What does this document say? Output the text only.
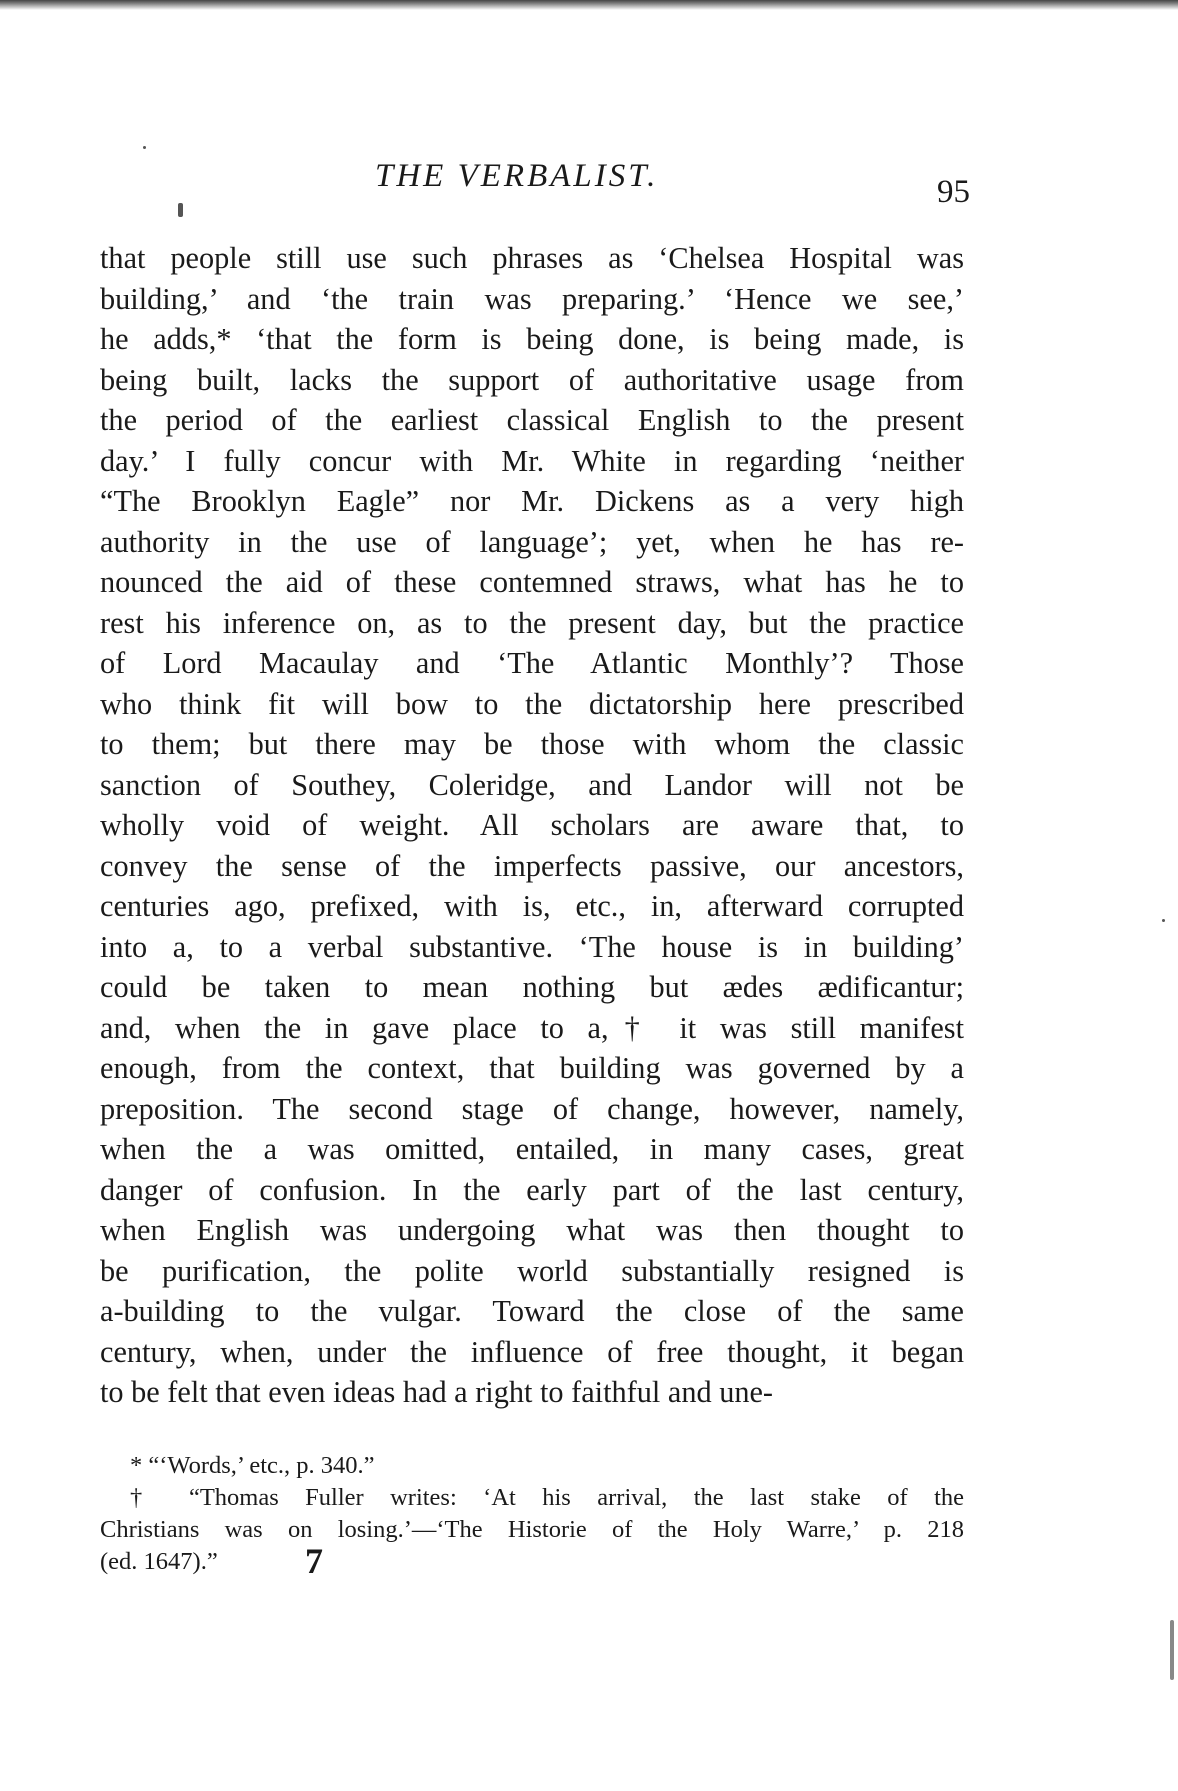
THE VERBALIST.	95
that people still use such phrases as ‘Chelsea Hospital was
building,’ and ‘the train was preparing.’ ‘Hence we see,’
he adds,* ‘that the form is being done, is being made, is
being built, lacks the support of authoritative usage from
the period of the earliest classical English to the present
day.’ I fully concur with Mr. White in regarding ‘neither
“The Brooklyn Eagle” nor Mr. Dickens as a very high
authority in the use of language’; yet, when he has re-
nounced the aid of these contemned straws, what has he to
rest his inference on, as to the present day, but the practice
of Lord Macaulay and ‘The Atlantic Monthly’? Those
who think fit will bow to the dictatorship here prescribed
to them; but there may be those with whom the classic
sanction of Southey, Coleridge, and Landor will not be
wholly void of weight. All scholars are aware that, to
convey the sense of the imperfects passive, our ancestors,
centuries ago, prefixed, with is, etc., in, afterward corrupted
into a, to a verbal substantive. ‘The house is in building’
could be taken to mean nothing but ædes ædificantur;
and, when the in gave place to a,† it was still manifest
enough, from the context, that building was governed by a
preposition. The second stage of change, however, namely,
when the a was omitted, entailed, in many cases, great
danger of confusion. In the early part of the last century,
when English was undergoing what was then thought to
be purification, the polite world substantially resigned is
a-building to the vulgar. Toward the close of the same
century, when, under the influence of free thought, it began
to be felt that even ideas had a right to faithful and une-
* “‘Words,’ etc., p. 340.”
† “Thomas Fuller writes: ‘At his arrival, the last stake of the
Christians was on losing.’—‘The Historie of the Holy Warre,’ p. 218
(ed. 1647).”	7
